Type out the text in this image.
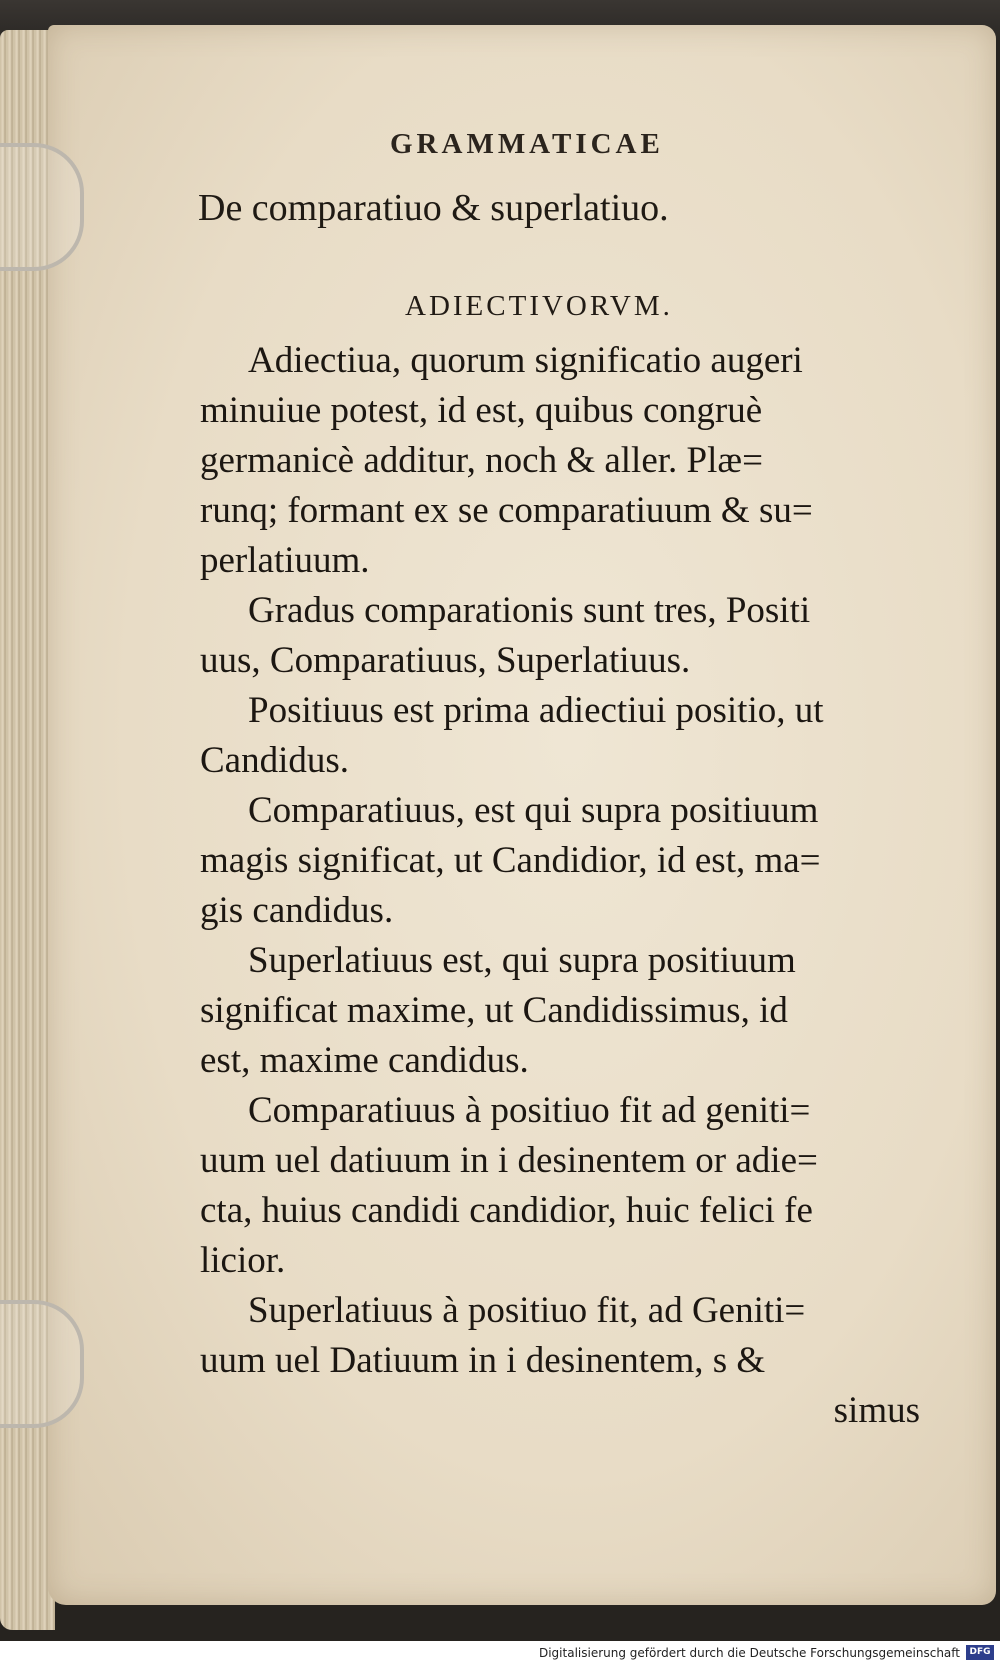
GRAMMATICAE
De comparatiuo & superlatiuo.
ADIECTIVORVM.
Adiectiua, quorum significatio augeri
minuiue potest, id est, quibus congruè
germanicè additur, noch & aller. Plæ=
runq; formant ex se comparatiuum & su=
perlatiuum.
Gradus comparationis sunt tres, Positi
uus, Comparatiuus, Superlatiuus.
Positiuus est prima adiectiui positio, ut
Candidus.
Comparatiuus, est qui supra positiuum
magis significat, ut Candidior, id est, ma=
gis candidus.
Superlatiuus est, qui supra positiuum
significat maxime, ut Candidissimus, id
est, maxime candidus.
Comparatiuus à positiuo fit ad geniti=
uum uel datiuum in i desinentem or adie=
cta, huius candidi candidior, huic felici fe
licior.
Superlatiuus à positiuo fit, ad Geniti=
uum uel Datiuum in i desinentem, s &
simus
Digitalisierung gefördert durch die Deutsche Forschungsgemeinschaft	DFG
